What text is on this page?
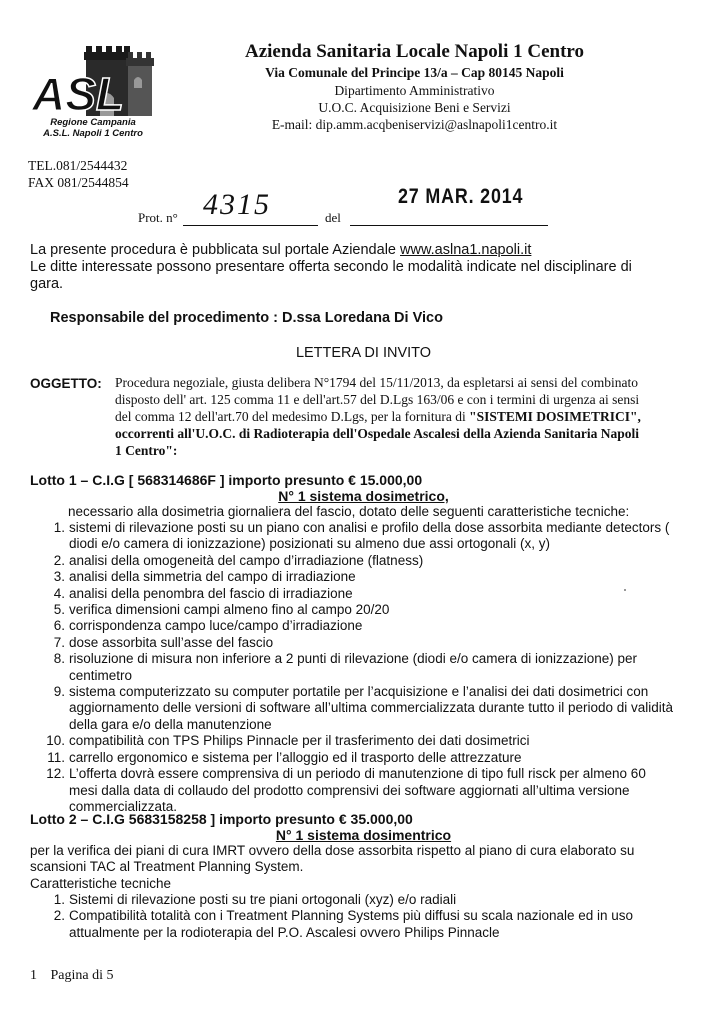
ASL
Regione Campania
A.S.L. Napoli 1 Centro
Azienda Sanitaria Locale Napoli 1 Centro
Via Comunale del Principe 13/a – Cap 80145 Napoli
Dipartimento Amministrativo
U.O.C. Acquisizione Beni e Servizi
E-mail: dip.amm.acqbeniservizi@aslnapoli1centro.it
TEL.081/2544432
FAX 081/2544854
Prot. n° 4315	del
27 MAR. 2014
La presente procedura è pubblicata sul portale Aziendale www.aslna1.napoli.it
Le ditte interessate possono presentare offerta secondo le modalità indicate nel disciplinare di
gara.
Responsabile del procedimento : D.ssa Loredana Di Vico
LETTERA DI INVITO
OGGETTO: Procedura negoziale, giusta delibera N°1794 del 15/11/2013, da espletarsi ai sensi del combinato
disposto dell' art. 125 comma 11 e dell'art.57 del D.Lgs 163/06 e con i termini di urgenza ai sensi
del comma 12 dell'art.70 del medesimo D.Lgs, per la fornitura di "SISTEMI DOSIMETRICI",
occorrenti all'U.O.C. di Radioterapia dell'Ospedale Ascalesi della Azienda Sanitaria Napoli
1 Centro":
Lotto 1 – C.I.G [ 568314686F ] importo presunto € 15.000,00
N° 1 sistema dosimetrico,
necessario alla dosimetria giornaliera del fascio, dotato delle seguenti caratteristiche tecniche:
1. sistemi di rilevazione posti su un piano con analisi e profilo della dose assorbita mediante detectors ( diodi e/o camera di ionizzazione) posizionati su almeno due assi ortogonali (x, y)
2. analisi della omogeneità del campo d’irradiazione (flatness)
3. analisi della simmetria del campo di irradiazione
4. analisi della penombra del fascio di irradiazione
5. verifica dimensioni campi almeno fino al campo 20/20
6. corrispondenza campo luce/campo d’irradiazione
7. dose assorbita sull’asse del fascio
8. risoluzione di misura non inferiore a 2 punti di rilevazione (diodi e/o camera di ionizzazione) per centimetro
9. sistema computerizzato su computer portatile per l’acquisizione e l’analisi dei dati dosimetrici con aggiornamento delle versioni di software all’ultima commercializzata durante tutto il periodo di validità della gara e/o della manutenzione
10. compatibilità con TPS Philips Pinnacle per il trasferimento dei dati dosimetrici
11. carrello ergonomico e sistema per l’alloggio ed il trasporto delle attrezzature
12. L’offerta dovrà essere comprensiva di un periodo di manutenzione di tipo full risck per almeno 60 mesi dalla data di collaudo del prodotto comprensivi dei software aggiornati all’ultima versione commercializzata.
Lotto 2 – C.I.G 5683158258 ] importo presunto € 35.000,00
N° 1 sistema dosimentrico
per la verifica dei piani di cura IMRT ovvero della dose assorbita rispetto al piano di cura elaborato su
scansioni TAC al Treatment Planning System.
Caratteristiche tecniche
1. Sistemi di rilevazione posti su tre piani ortogonali (xyz) e/o radiali
2. Compatibilità totalità con i Treatment Planning Systems più diffusi su scala nazionale ed in uso attualmente per la rodioterapia del P.O. Ascalesi ovvero Philips Pinnacle
1 Pagina di 5
